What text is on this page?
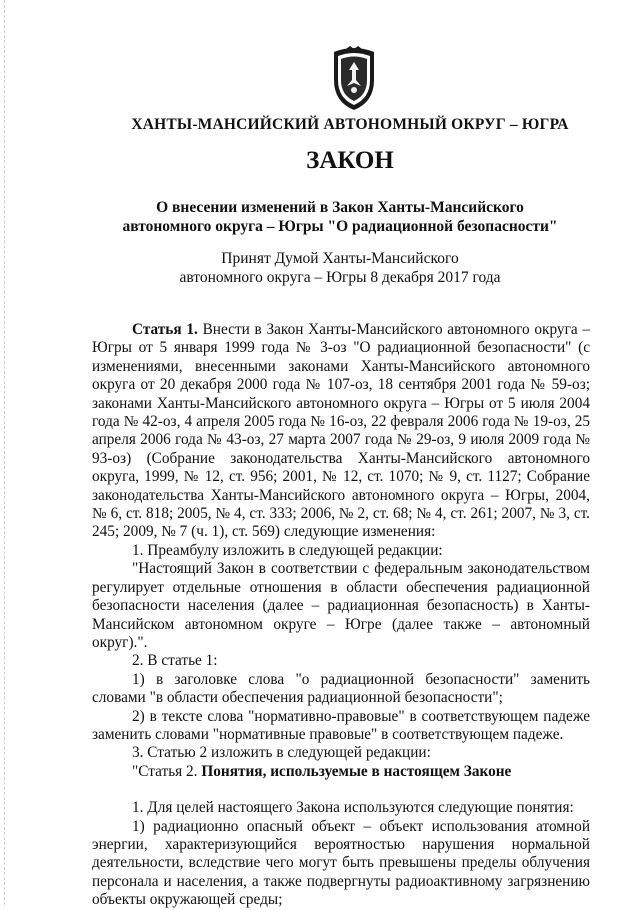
ХАНТЫ-МАНСИЙСКИЙ АВТОНОМНЫЙ ОКРУГ – ЮГРА
ЗАКОН
О внесении изменений в Закон Ханты-Мансийского
автономного округа – Югры "О радиационной безопасности"
Принят Думой Ханты-Мансийского
автономного округа – Югры 8 декабря 2017 года

Статья 1. Внести в Закон Ханты-Мансийского автономного округа – Югры от 5 января 1999 года № 3-оз "О радиационной безопасности" (с изменениями, внесенными законами Ханты-Мансийского автономного округа от 20 декабря 2000 года № 107-оз, 18 сентября 2001 года № 59-оз; законами Ханты-Мансийского автономного округа – Югры от 5 июля 2004 года № 42-оз, 4 апреля 2005 года № 16-оз, 22 февраля 2006 года № 19-оз, 25 апреля 2006 года № 43-оз, 27 марта 2007 года № 29-оз, 9 июля 2009 года № 93-оз) (Собрание законодательства Ханты-Мансийского автономного округа, 1999, № 12, ст. 956; 2001, № 12, ст. 1070; № 9, ст. 1127; Собрание законодательства Ханты-Мансийского автономного округа – Югры, 2004, № 6, ст. 818; 2005, № 4, ст. 333; 2006, № 2, ст. 68; № 4, ст. 261; 2007, № 3, ст. 245; 2009, № 7 (ч. 1), ст. 569) следующие изменения:

1. Преамбулу изложить в следующей редакции:

"Настоящий Закон в соответствии с федеральным законодательством регулирует отдельные отношения в области обеспечения радиационной безопасности населения (далее – радиационная безопасность) в Ханты-Мансийском автономном округе – Югре (далее также – автономный округ).".

2. В статье 1:

1) в заголовке слова "о радиационной безопасности" заменить словами "в области обеспечения радиационной безопасности";

2) в тексте слова "нормативно-правовые" в соответствующем падеже заменить словами "нормативные правовые" в соответствующем падеже.

3. Статью 2 изложить в следующей редакции:

"Статья 2. Понятия, используемые в настоящем Законе

1. Для целей настоящего Закона используются следующие понятия:

1) радиационно опасный объект – объект использования атомной энергии, характеризующийся вероятностью нарушения нормальной деятельности, вследствие чего могут быть превышены пределы облучения персонала и населения, а также подвергнуты радиоактивному загрязнению объекты окружающей среды;
